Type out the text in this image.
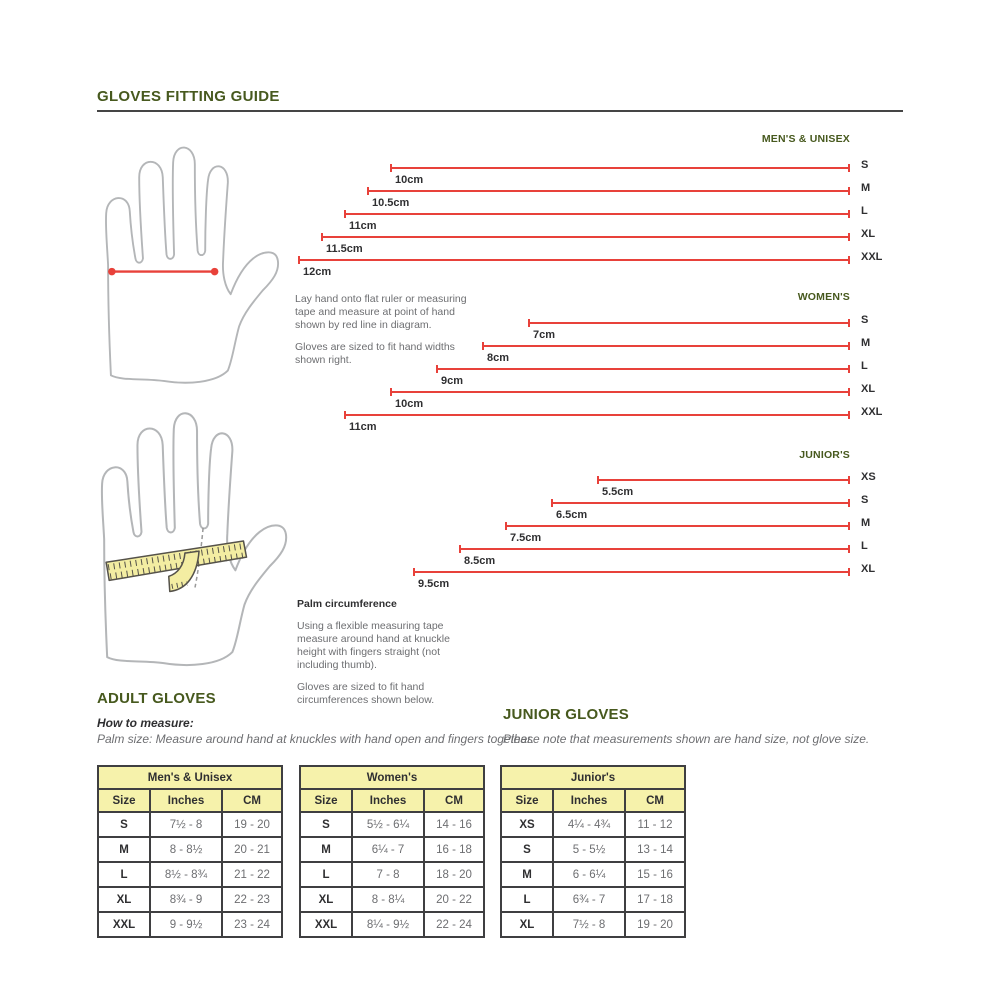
GLOVES FITTING GUIDE
MEN'S & UNISEX
10cm
S
10.5cm
M
11cm
L
11.5cm
XL
12cm
XXL
WOMEN'S
7cm
S
8cm
M
9cm
L
10cm
XL
11cm
XXL
JUNIOR'S
5.5cm
XS
6.5cm
S
7.5cm
M
8.5cm
L
9.5cm
XL

Lay hand onto flat ruler or measuring tape and measure at point of hand shown by red line in diagram.

Gloves are sized to fit hand widths shown right.

Palm circumference

Using a flexible measuring tape measure around hand at knuckle height with fingers straight (not including thumb).

Gloves are sized to fit hand circumferences shown below.

ADULT GLOVES
How to measure:
Palm size: Measure around hand at knuckles with hand open and fingers together.
JUNIOR GLOVES
Please note that measurements shown are hand size, not glove size.
Men's & Unisex		
Size	Inches	CM
S	7½ - 8	19 - 20
M	8 - 8½	20 - 21
L	8½ - 8¾	21 - 22
XL	8¾ - 9	22 - 23
XXL	9 - 9½	23 - 24
Women's		
Size	Inches	CM
S	5½ - 6¼	14 - 16
M	6¼ - 7	16 - 18
L	7 - 8	18 - 20
XL	8 - 8¼	20 - 22
XXL	8¼ - 9½	22 - 24
Junior's		
Size	Inches	CM
XS	4¼ - 4¾	11 - 12
S	5 - 5½	13 - 14
M	6 - 6¼	15 - 16
L	6¾ - 7	17 - 18
XL	7½ - 8	19 - 20
